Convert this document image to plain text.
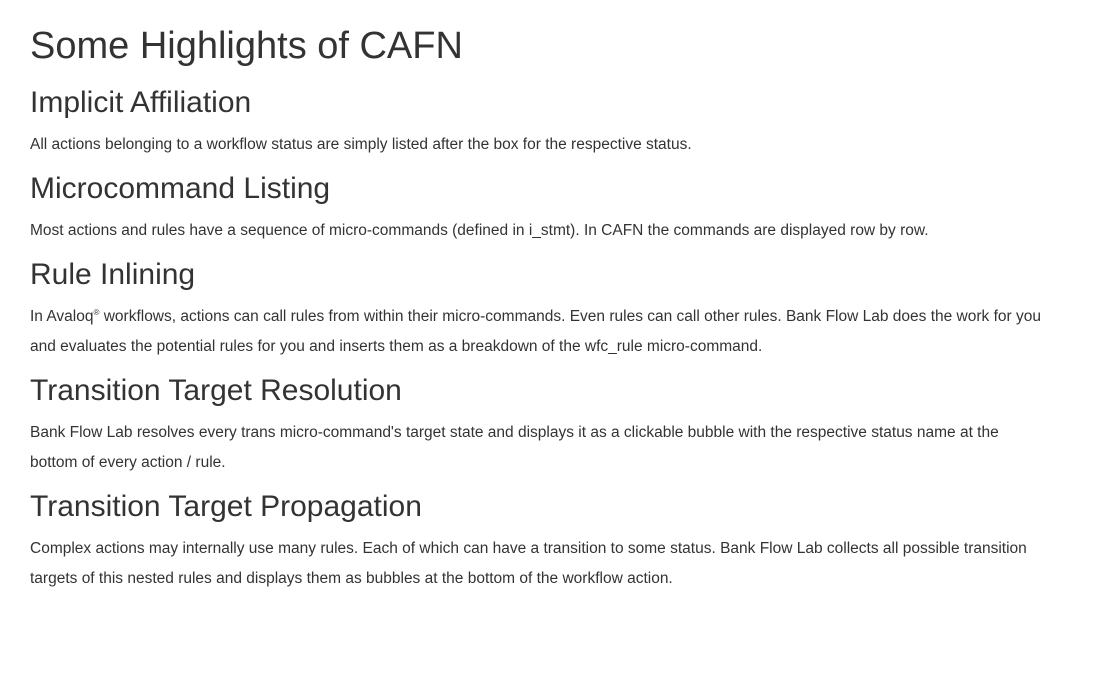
Some Highlights of CAFN
Implicit Affiliation

All actions belonging to a workflow status are simply listed after the box for the respective status.

Microcommand Listing

Most actions and rules have a sequence of micro-commands (defined in i_stmt). In CAFN the commands are displayed row by row.

Rule Inlining

In Avaloq® workflows, actions can call rules from within their micro-commands. Even rules can call other rules. Bank Flow Lab does the work for you and evaluates the potential rules for you and inserts them as a breakdown of the wfc_rule micro-command.

Transition Target Resolution

Bank Flow Lab resolves every trans micro-command's target state and displays it as a clickable bubble with the respective status name at the bottom of every action / rule.

Transition Target Propagation

Complex actions may internally use many rules. Each of which can have a transition to some status. Bank Flow Lab collects all possible transition targets of this nested rules and displays them as bubbles at the bottom of the workflow action.
